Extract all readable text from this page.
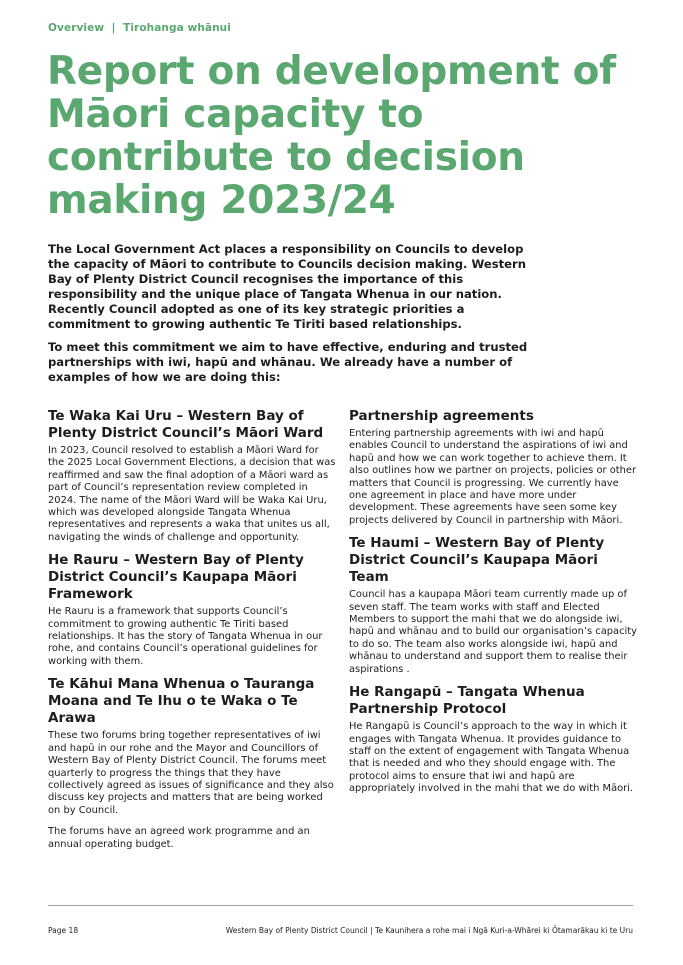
Overview  |  Tirohanga whānui
Report on development of Māori capacity to contribute to decision making 2023/24

The Local Government Act places a responsibility on Councils to develop the capacity of Māori to contribute to Councils decision making. Western Bay of Plenty District Council recognises the importance of this responsibility and the unique place of Tangata Whenua in our nation. Recently Council adopted as one of its key strategic priorities a commitment to growing authentic Te Tiriti based relationships.

To meet this commitment we aim to have effective, enduring and trusted partnerships with iwi, hapū and whānau. We already have a number of examples of how we are doing this:

Te Waka Kai Uru – Western Bay of Plenty District Council’s Māori Ward

In 2023, Council resolved to establish a Māori Ward for the 2025 Local Government Elections, a decision that was reaffirmed and saw the final adoption of a Māori ward as part of Council’s representation review completed in 2024. The name of the Māori Ward will be Waka Kai Uru, which was developed alongside Tangata Whenua representatives and represents a waka that unites us all, navigating the winds of challenge and opportunity.

He Rauru – Western Bay of Plenty District Council’s Kaupapa Māori Framework

He Rauru is a framework that supports Council’s commitment to growing authentic Te Tiriti based relationships. It has the story of Tangata Whenua in our rohe, and contains Council’s operational guidelines for working with them.

Te Kāhui Mana Whenua o Tauranga Moana and Te Ihu o te Waka o Te Arawa

These two forums bring together representatives of iwi and hapū in our rohe and the Mayor and Councillors of Western Bay of Plenty District Council. The forums meet quarterly to progress the things that they have collectively agreed as issues of significance and they also discuss key projects and matters that are being worked on by Council.

The forums have an agreed work programme and an annual operating budget.

Partnership agreements

Entering partnership agreements with iwi and hapū enables Council to understand the aspirations of iwi and hapū and how we can work together to achieve them. It also outlines how we partner on projects, policies or other matters that Council is progressing. We currently have one agreement in place and have more under development. These agreements have seen some key projects delivered by Council in partnership with Māori.

Te Haumi – Western Bay of Plenty District Council’s Kaupapa Māori Team

Council has a kaupapa Māori team currently made up of seven staff. The team works with staff and Elected Members to support the mahi that we do alongside iwi, hapū and whānau and to build our organisation’s capacity to do so. The team also works alongside iwi, hapū and whānau to understand and support them to realise their aspirations .

He Rangapū – Tangata Whenua Partnership Protocol

He Rangapū is Council’s approach to the way in which it engages with Tangata Whenua. It provides guidance to staff on the extent of engagement with Tangata Whenua that is needed and who they should engage with. The protocol aims to ensure that iwi and hapū are appropriately involved in the mahi that we do with Māori.

Page 18	Western Bay of Plenty District Council | Te Kaunihera a rohe mai i Ngā Kuri-a-Whārei ki Ōtamarākau ki te Uru
